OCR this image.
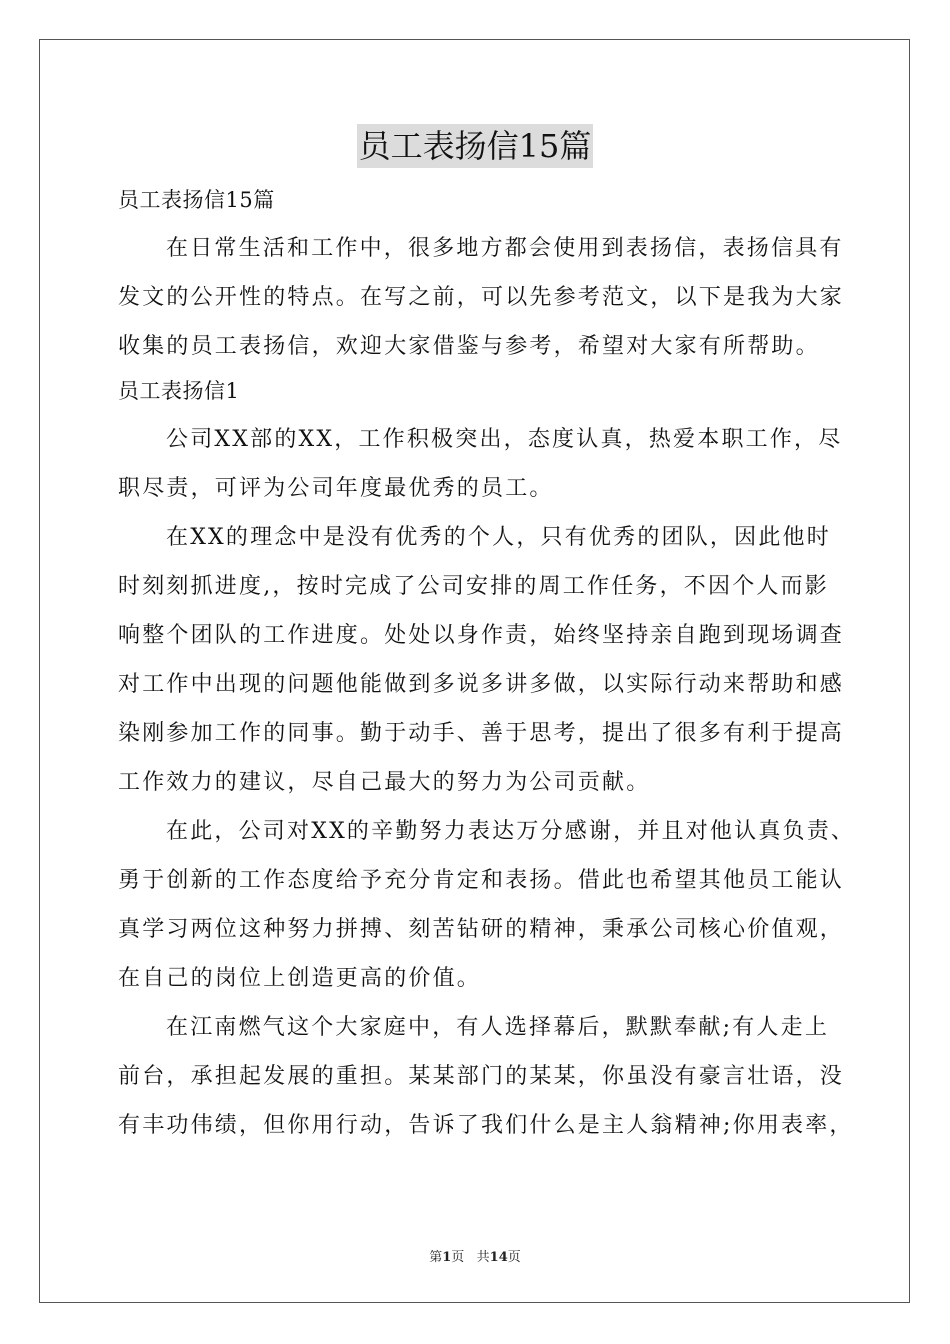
员工表扬信15篇
员工表扬信15篇
在日常生活和工作中，很多地方都会使用到表扬信，表扬信具有
发文的公开性的特点。在写之前，可以先参考范文，以下是我为大家
收集的员工表扬信，欢迎大家借鉴与参考，希望对大家有所帮助。
员工表扬信1
公司XX部的XX，工作积极突出，态度认真，热爱本职工作，尽
职尽责，可评为公司年度最优秀的员工。
在XX的理念中是没有优秀的个人，只有优秀的团队，因此他时
时刻刻抓进度,，按时完成了公司安排的周工作任务，不因个人而影
响整个团队的工作进度。处处以身作责，始终坚持亲自跑到现场调查
对工作中出现的问题他能做到多说多讲多做，以实际行动来帮助和感
染刚参加工作的同事。勤于动手、善于思考，提出了很多有利于提高
工作效力的建议，尽自己最大的努力为公司贡献。
在此，公司对XX的辛勤努力表达万分感谢，并且对他认真负责、
勇于创新的工作态度给予充分肯定和表扬。借此也希望其他员工能认
真学习两位这种努力拼搏、刻苦钻研的精神，秉承公司核心价值观，
在自己的岗位上创造更高的价值。
在江南燃气这个大家庭中，有人选择幕后，默默奉献;有人走上
前台，承担起发展的重担。某某部门的某某，你虽没有豪言壮语，没
有丰功伟绩，但你用行动，告诉了我们什么是主人翁精神;你用表率，
第1页   共14页
